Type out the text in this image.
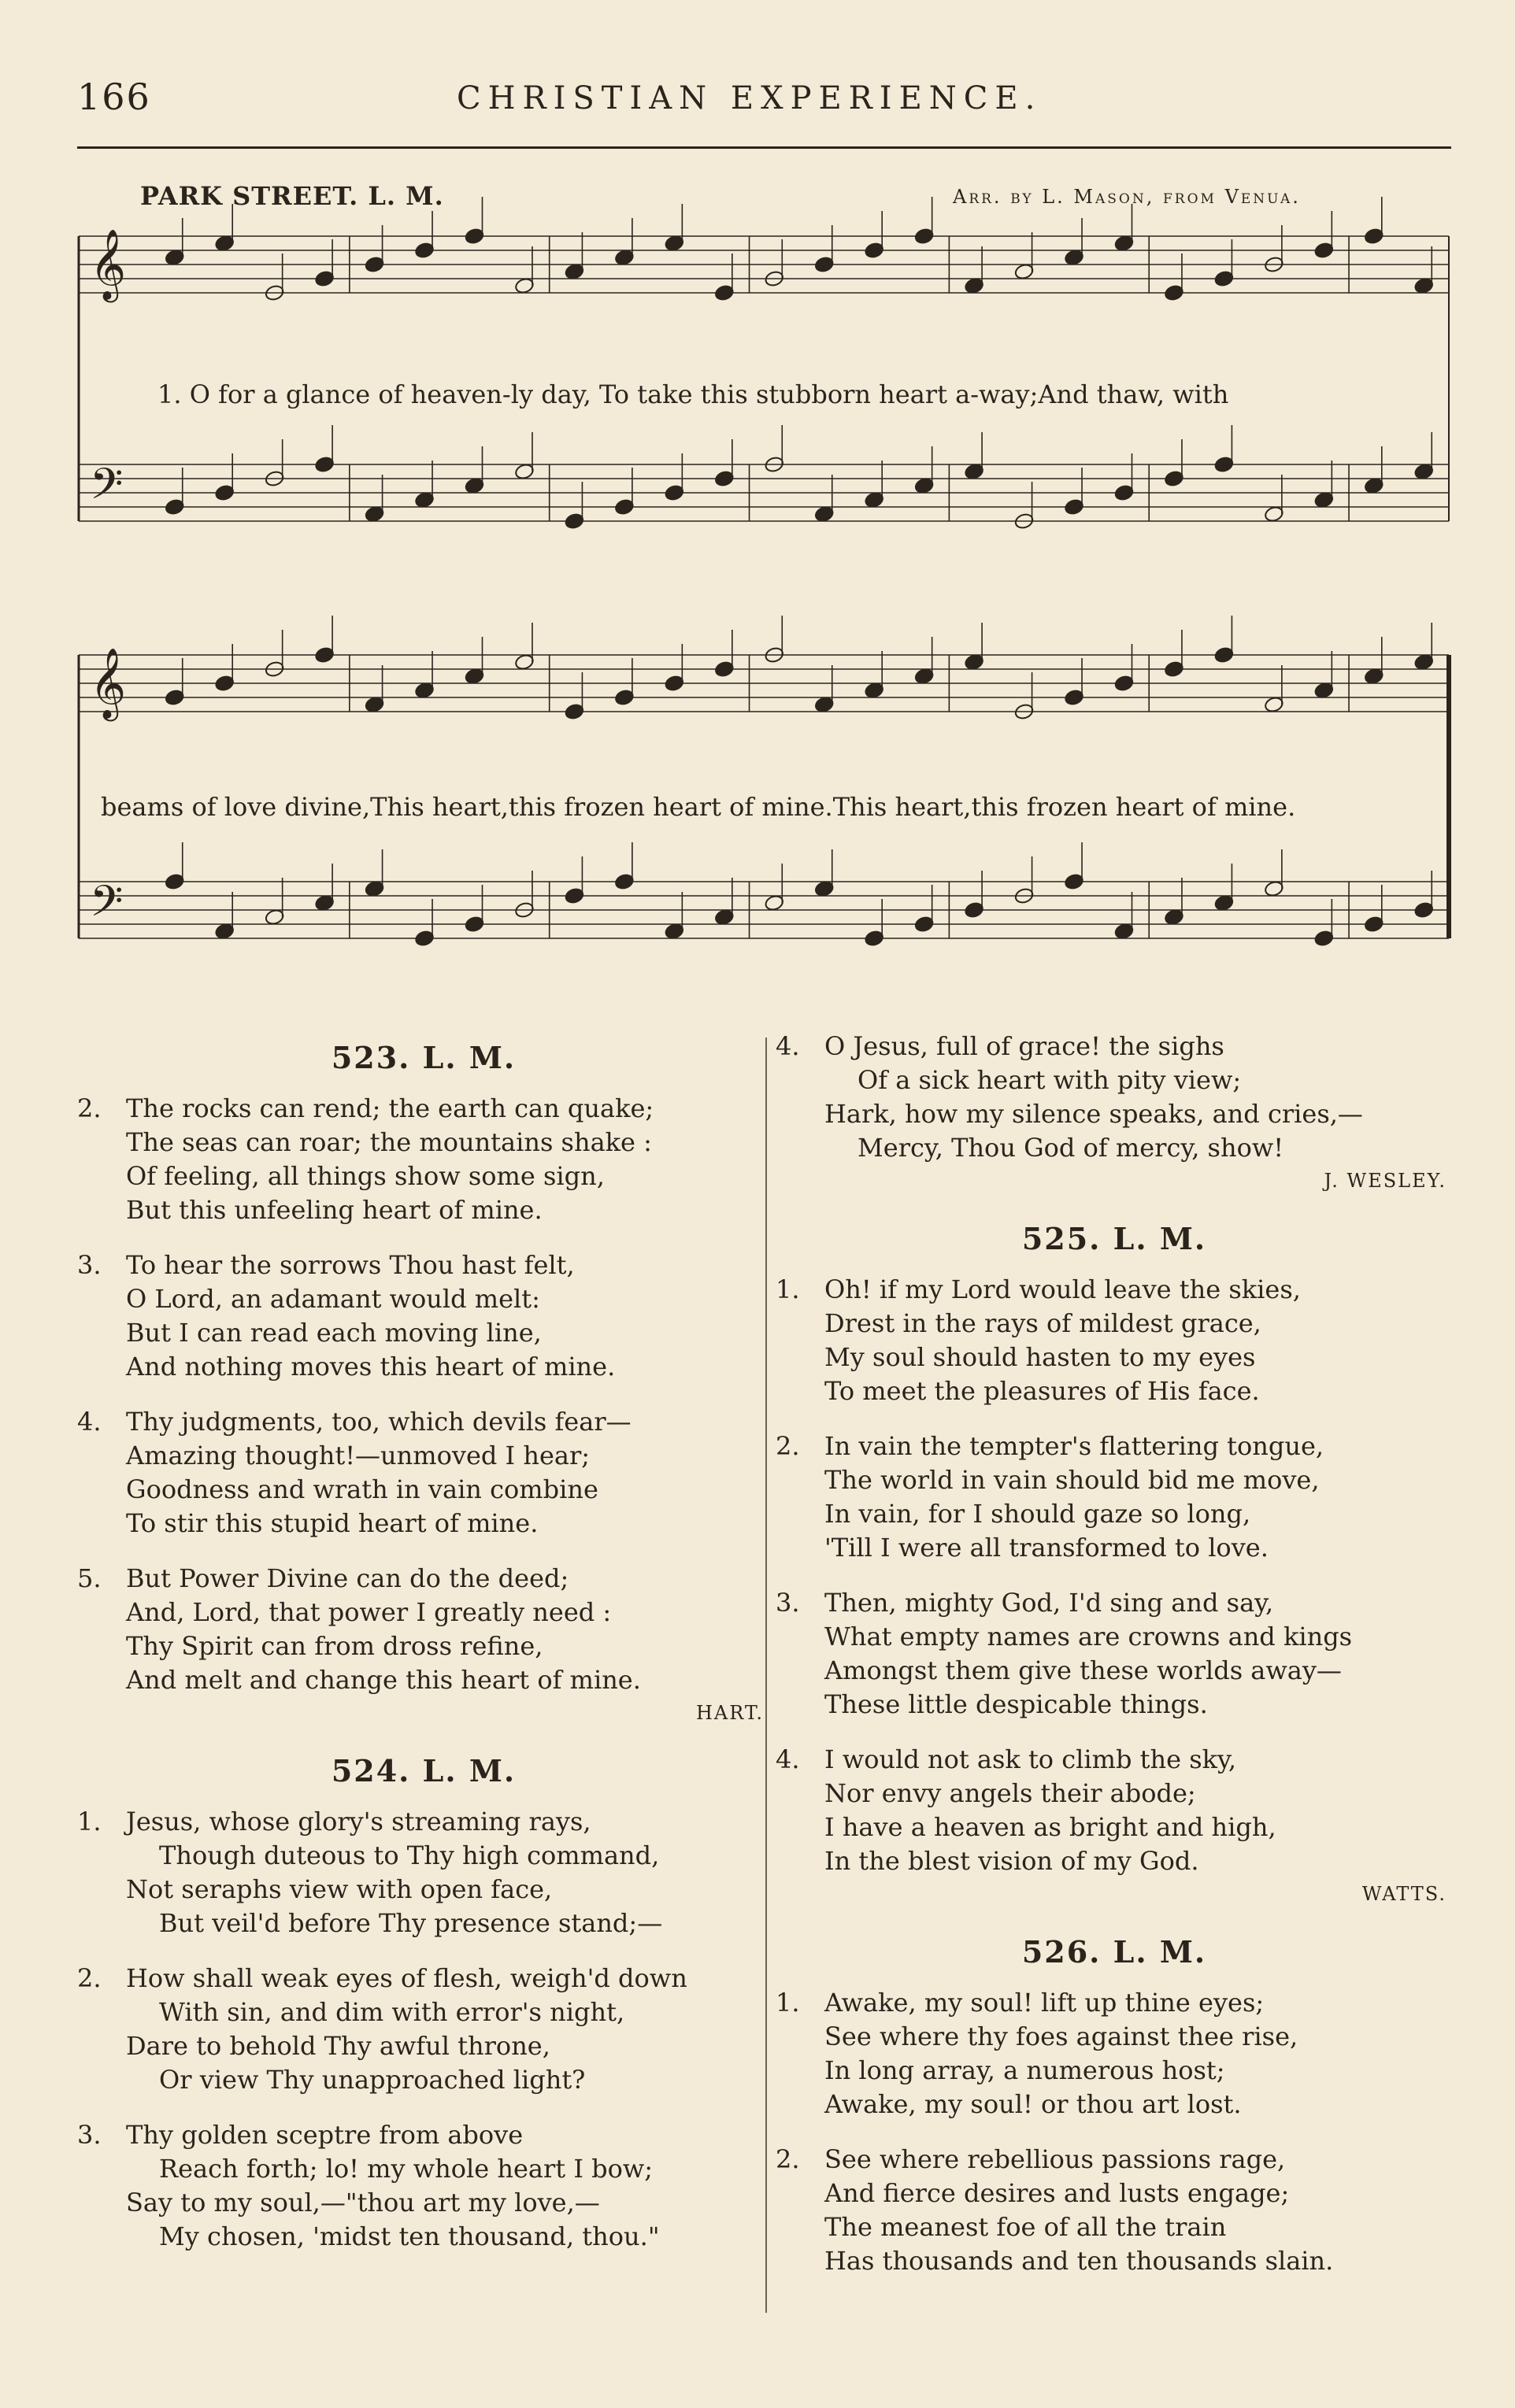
166	CHRISTIAN EXPERIENCE.
PARK STREET. L. M.	Arr. by L. Mason, from Venua.
𝄞
𝄢
𝄞
𝄢
1. O for a glance of heaven-ly day, To take this stubborn heart a-way;And thaw, with
beams of love divine,This heart,this frozen heart of mine.This heart,this frozen heart of mine.
523. L. M.
2. The rocks can rend; the earth can quake;
The seas can roar; the mountains shake :
Of feeling, all things show some sign,
But this unfeeling heart of mine.
3. To hear the sorrows Thou hast felt,
O Lord, an adamant would melt:
But I can read each moving line,
And nothing moves this heart of mine.
4. Thy judgments, too, which devils fear—
Amazing thought!—unmoved I hear;
Goodness and wrath in vain combine
To stir this stupid heart of mine.
5. But Power Divine can do the deed;
And, Lord, that power I greatly need :
Thy Spirit can from dross refine,
And melt and change this heart of mine.
HART.
524. L. M.
1. Jesus, whose glory's streaming rays,
Though duteous to Thy high command,
Not seraphs view with open face,
But veil'd before Thy presence stand;—
2. How shall weak eyes of flesh, weigh'd down
With sin, and dim with error's night,
Dare to behold Thy awful throne,
Or view Thy unapproached light?
3. Thy golden sceptre from above
Reach forth; lo! my whole heart I bow;
Say to my soul,—"thou art my love,—
My chosen, 'midst ten thousand, thou."
4. O Jesus, full of grace! the sighs
Of a sick heart with pity view;
Hark, how my silence speaks, and cries,—
Mercy, Thou God of mercy, show!
J. WESLEY.
525. L. M.
1. Oh! if my Lord would leave the skies,
Drest in the rays of mildest grace,
My soul should hasten to my eyes
To meet the pleasures of His face.
2. In vain the tempter's flattering tongue,
The world in vain should bid me move,
In vain, for I should gaze so long,
'Till I were all transformed to love.
3. Then, mighty God, I'd sing and say,
What empty names are crowns and kings
Amongst them give these worlds away—
These little despicable things.
4. I would not ask to climb the sky,
Nor envy angels their abode;
I have a heaven as bright and high,
In the blest vision of my God.
WATTS.
526. L. M.
1. Awake, my soul! lift up thine eyes;
See where thy foes against thee rise,
In long array, a numerous host;
Awake, my soul! or thou art lost.
2. See where rebellious passions rage,
And fierce desires and lusts engage;
The meanest foe of all the train
Has thousands and ten thousands slain.
